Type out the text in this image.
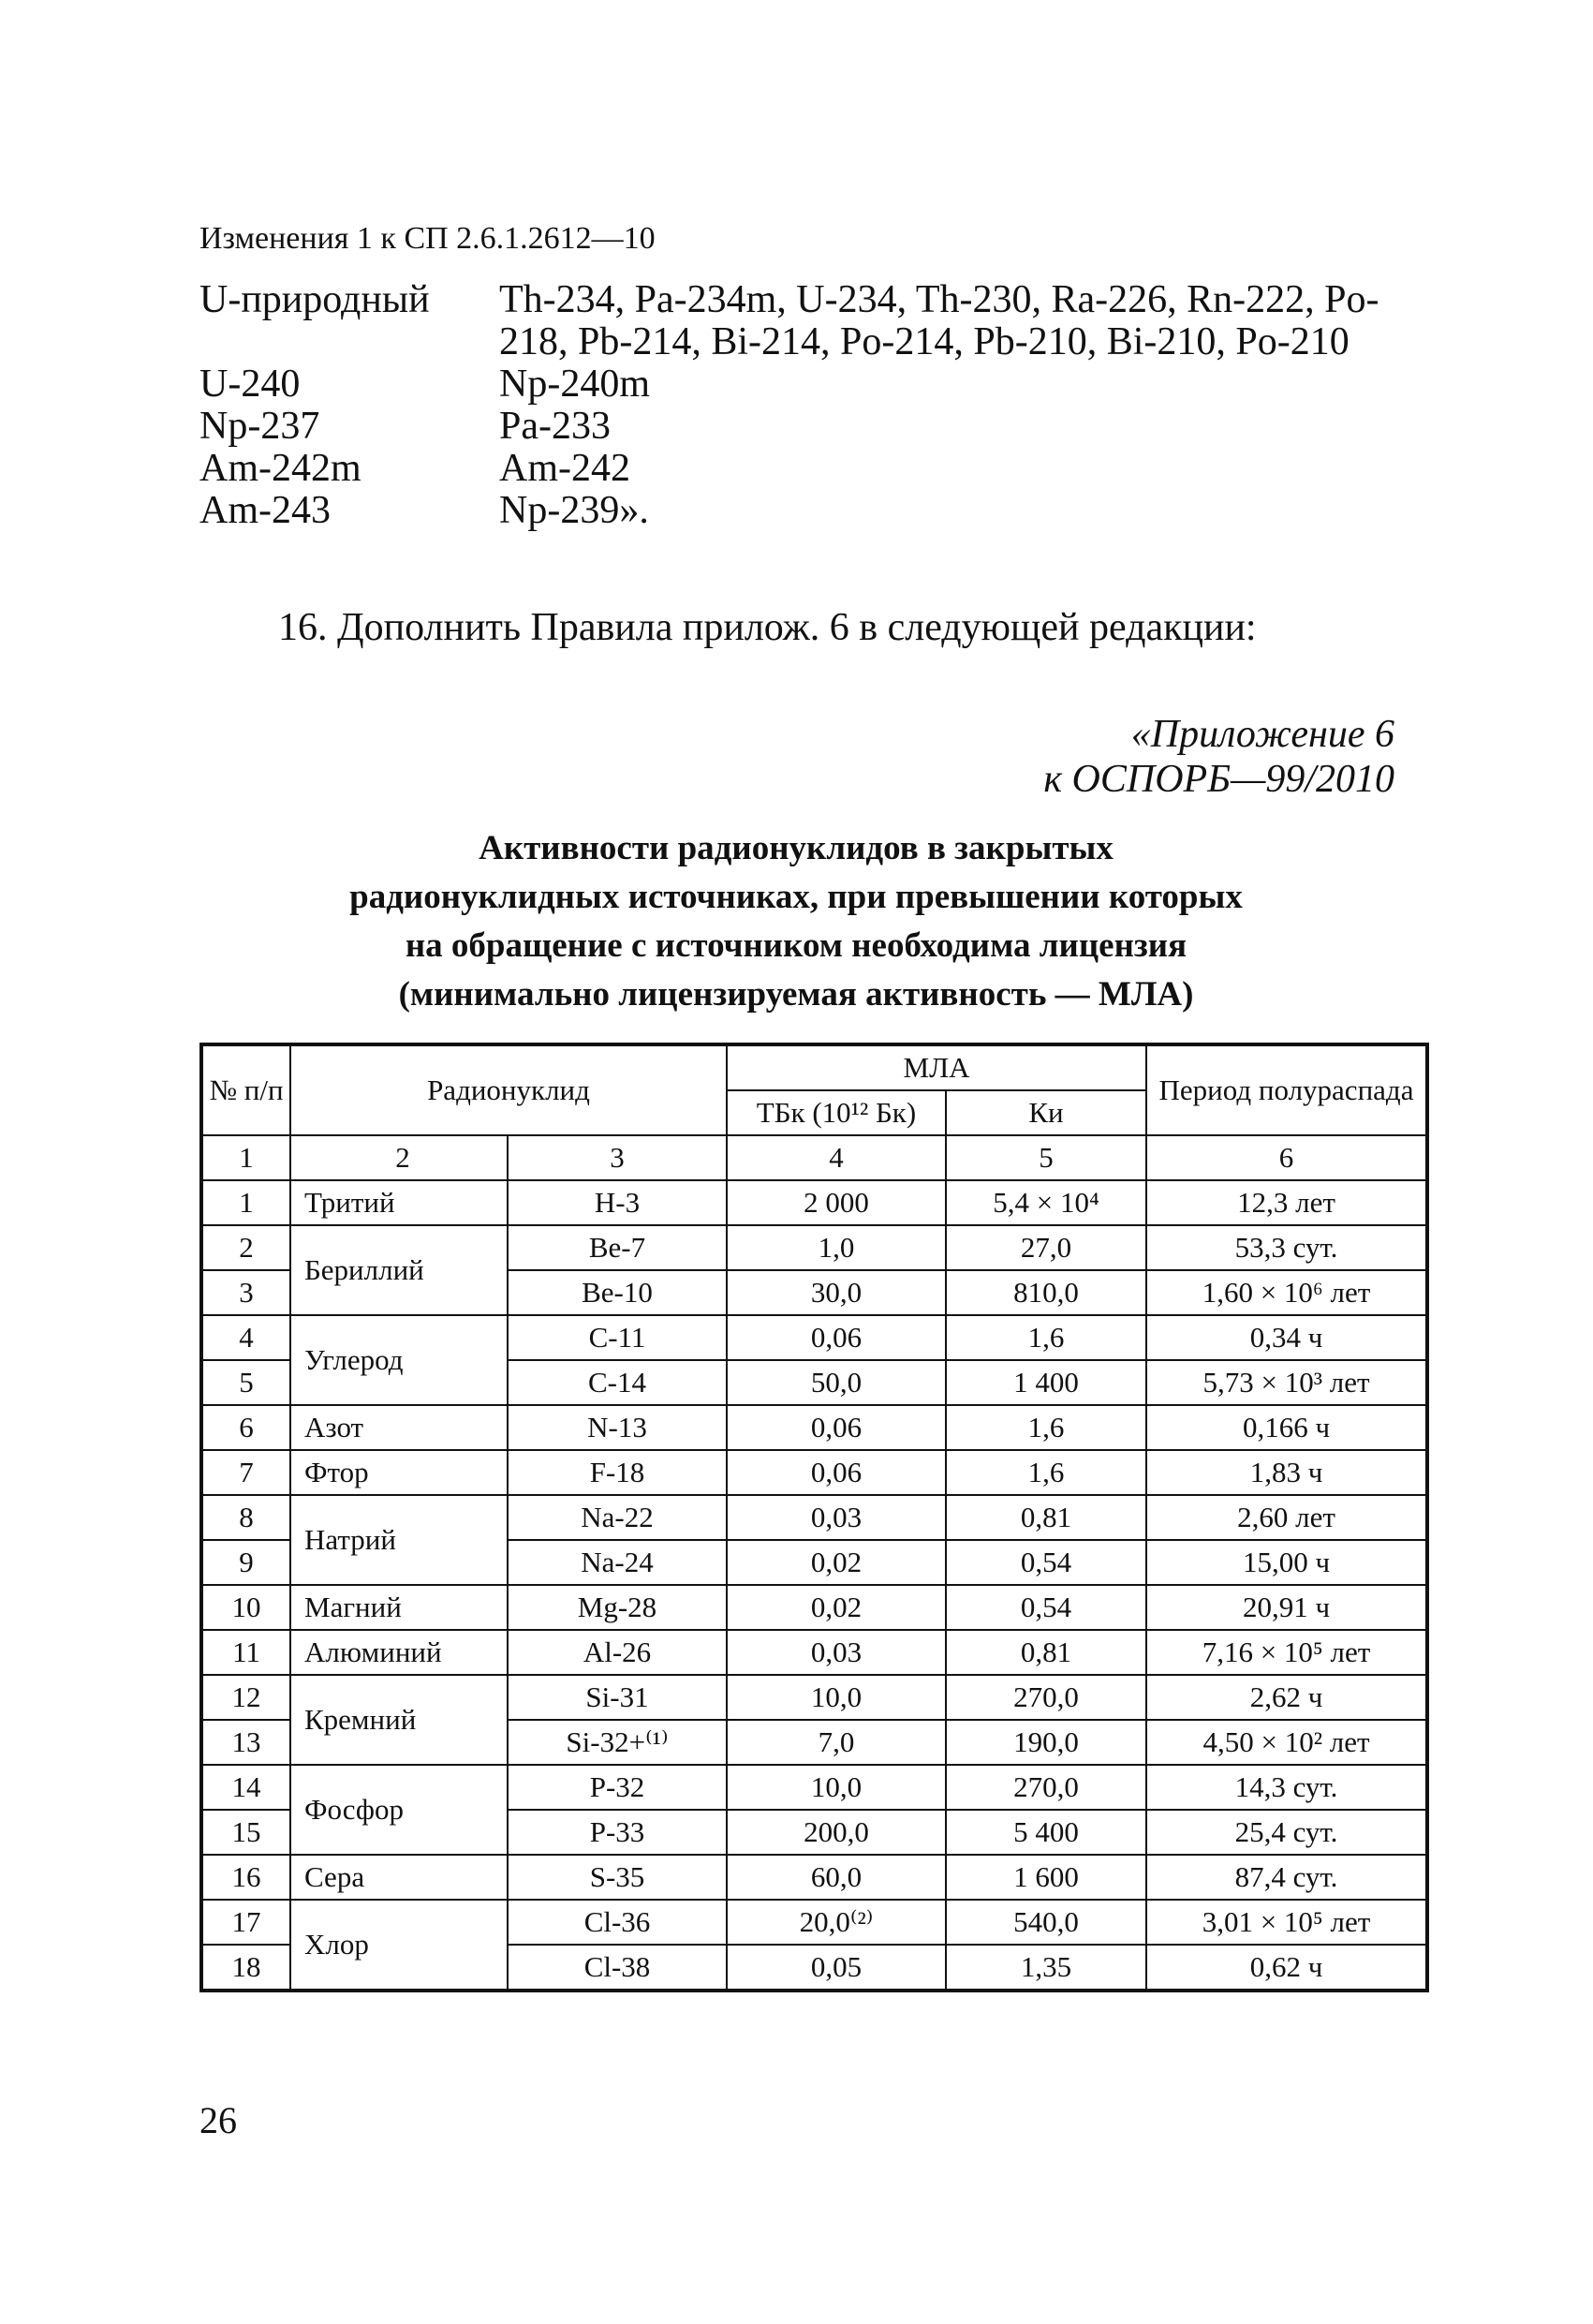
Изменения 1 к СП 2.6.1.2612—10
U-природный	Th-234, Pa-234m, U-234, Th-230, Ra-226, Rn-222, Po-218, Pb-214, Bi-214, Po-214, Pb-210, Bi-210, Po-210
U-240	Np-240m
Np-237	Pa-233
Am-242m	Am-242
Am-243	Np-239».
16. Дополнить Правила прилож. 6 в следующей редакции:
«Приложение 6
к ОСПОРБ—99/2010
Активности радионуклидов в закрытых
радионуклидных источниках, при превышении которых
на обращение с источником необходима лицензия
(минимально лицензируемая активность — МЛА)
№ п/п	Радионуклид		МЛА		Период полураспада
			ТБк (10¹² Бк)	Ки	
1	2	3	4	5	6
1	Тритий	H-3	2 000	5,4 × 10⁴	12,3 лет
2	Бериллий	Be-7	1,0	27,0	53,3 сут.
3		Be-10	30,0	810,0	1,60 × 10⁶ лет
4	Углерод	C-11	0,06	1,6	0,34 ч
5		C-14	50,0	1 400	5,73 × 10³ лет
6	Азот	N-13	0,06	1,6	0,166 ч
7	Фтор	F-18	0,06	1,6	1,83 ч
8	Натрий	Na-22	0,03	0,81	2,60 лет
9		Na-24	0,02	0,54	15,00 ч
10	Магний	Mg-28	0,02	0,54	20,91 ч
11	Алюминий	Al-26	0,03	0,81	7,16 × 10⁵ лет
12	Кремний	Si-31	10,0	270,0	2,62 ч
13		Si-32+⁽¹⁾	7,0	190,0	4,50 × 10² лет
14	Фосфор	P-32	10,0	270,0	14,3 сут.
15		P-33	200,0	5 400	25,4 сут.
16	Сера	S-35	60,0	1 600	87,4 сут.
17	Хлор	Cl-36	20,0⁽²⁾	540,0	3,01 × 10⁵ лет
18		Cl-38	0,05	1,35	0,62 ч
26
